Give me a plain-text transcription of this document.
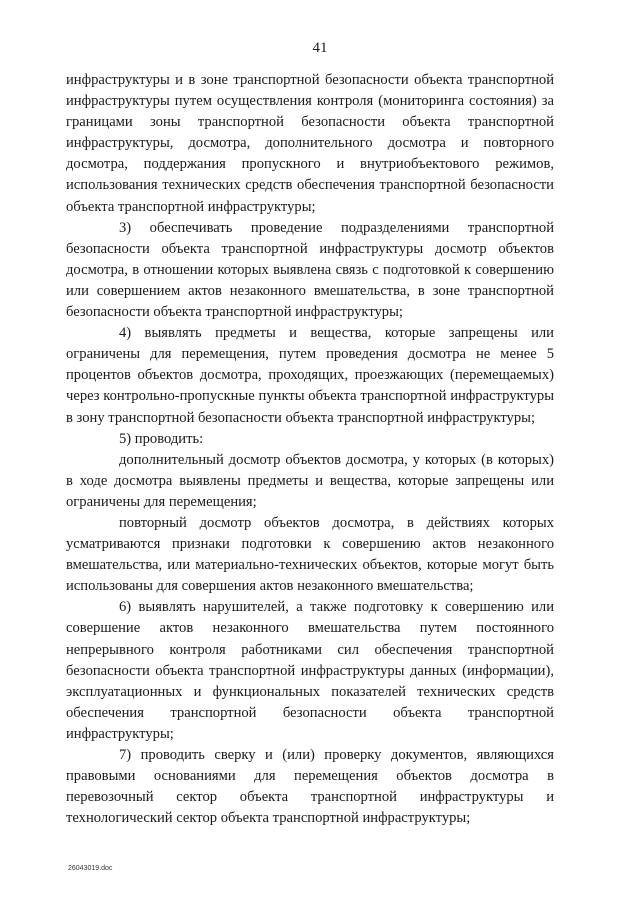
41

инфраструктуры и в зоне транспортной безопасности объекта транспортной инфраструктуры путем осуществления контроля (мониторинга состояния) за границами зоны транспортной безопасности объекта транспортной инфраструктуры, досмотра, дополнительного досмотра и повторного досмотра, поддержания пропускного и внутриобъектового режимов, использования технических средств обеспечения транспортной безопасности объекта транспортной инфраструктуры;

3) обеспечивать проведение подразделениями транспортной безопасности объекта транспортной инфраструктуры досмотр объектов досмотра, в отношении которых выявлена связь с подготовкой к совершению или совершением актов незаконного вмешательства, в зоне транспортной безопасности объекта транспортной инфраструктуры;

4) выявлять предметы и вещества, которые запрещены или ограничены для перемещения, путем проведения досмотра не менее 5 процентов объектов досмотра, проходящих, проезжающих (перемещаемых) через контрольно-пропускные пункты объекта транспортной инфраструктуры в зону транспортной безопасности объекта транспортной инфраструктуры;

5) проводить:

дополнительный досмотр объектов досмотра, у которых (в которых) в ходе досмотра выявлены предметы и вещества, которые запрещены или ограничены для перемещения;

повторный досмотр объектов досмотра, в действиях которых усматриваются признаки подготовки к совершению актов незаконного вмешательства, или материально-технических объектов, которые могут быть использованы для совершения актов незаконного вмешательства;

6) выявлять нарушителей, а также подготовку к совершению или совершение актов незаконного вмешательства путем постоянного непрерывного контроля работниками сил обеспечения транспортной безопасности объекта транспортной инфраструктуры данных (информации), эксплуатационных и функциональных показателей технических средств обеспечения транспортной безопасности объекта транспортной инфраструктуры;

7) проводить сверку и (или) проверку документов, являющихся правовыми основаниями для перемещения объектов досмотра в перевозочный сектор объекта транспортной инфраструктуры и технологический сектор объекта транспортной инфраструктуры;

26043019.doc
